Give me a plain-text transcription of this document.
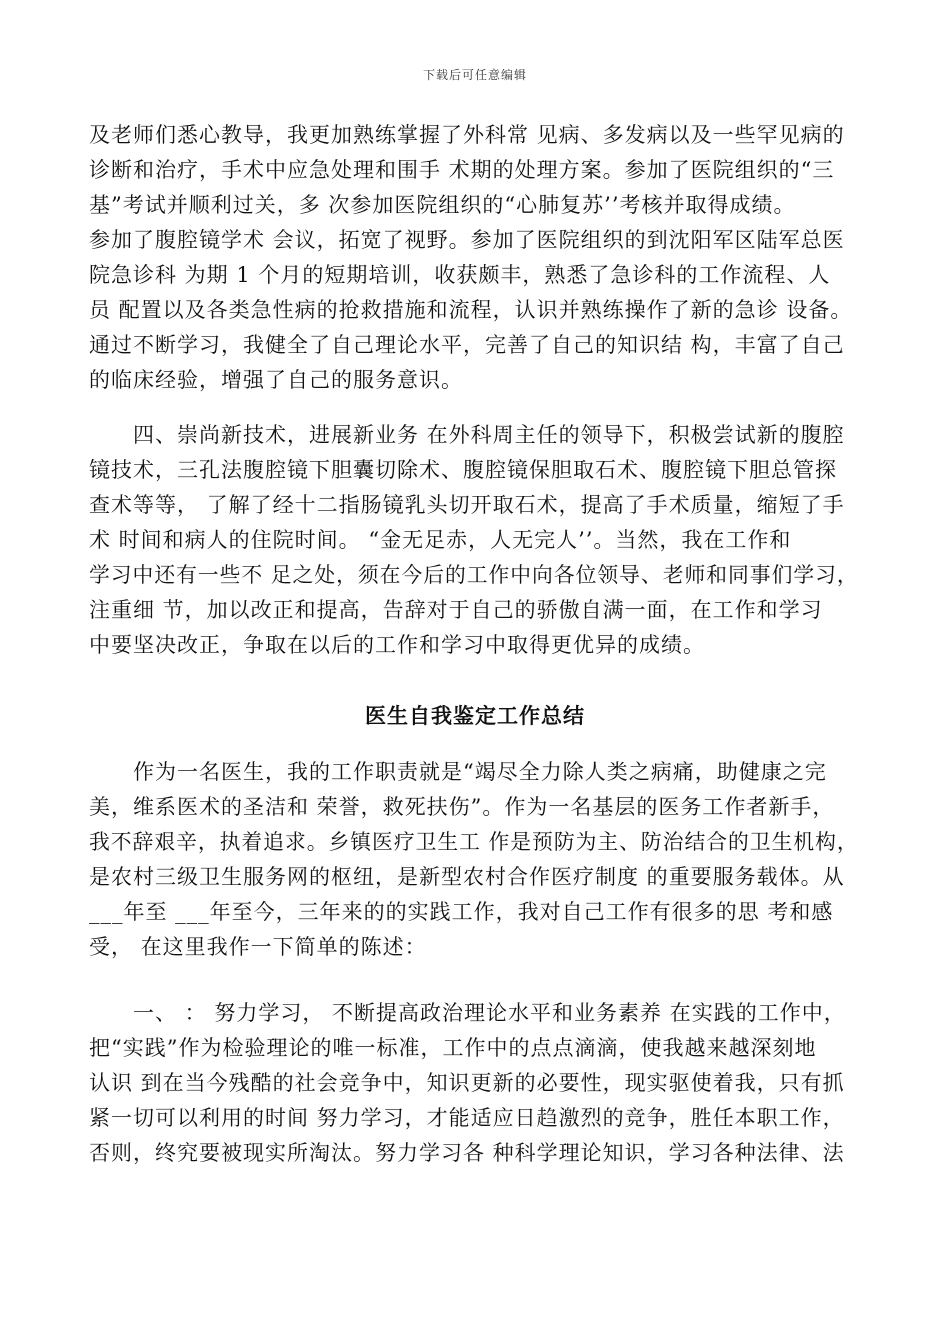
下载后可任意编辑
及老师们悉心教导，我更加熟练掌握了外科常 见病、多发病以及一些罕见病的
诊断和治疗，手术中应急处理和围手 术期的处理方案。参加了医院组织的“三
基”考试并顺利过关，多 次参加医院组织的“心肺复苏’’考核并取得成绩。
参加了腹腔镜学术 会议，拓宽了视野。参加了医院组织的到沈阳军区陆军总医
院急诊科 为期 1 个月的短期培训，收获颇丰，熟悉了急诊科的工作流程、人
员 配置以及各类急性病的抢救措施和流程，认识并熟练操作了新的急诊 设备。
通过不断学习，我健全了自己理论水平，完善了自己的知识结 构，丰富了自己
的临床经验，增强了自己的服务意识。
　　四、崇尚新技术，进展新业务 在外科周主任的领导下，积极尝试新的腹腔
镜技术，三孔法腹腔镜下胆囊切除术、腹腔镜保胆取石术、腹腔镜下胆总管探
查术等等， 了解了经十二指肠镜乳头切开取石术，提高了手术质量，缩短了手
术 时间和病人的住院时间。 “金无足赤，人无完人’’。当然，我在工作和
学习中还有一些不 足之处，须在今后的工作中向各位领导、老师和同事们学习，
注重细 节，加以改正和提高，告辞对于自己的骄傲自满一面，在工作和学习
中要坚决改正，争取在以后的工作和学习中取得更优异的成绩。
医生自我鉴定工作总结
　　作为一名医生，我的工作职责就是“竭尽全力除人类之病痛，助健康之完
美，维系医术的圣洁和 荣誉，救死扶伤”。作为一名基层的医务工作者新手，
我不辞艰辛，执着追求。乡镇医疗卫生工 作是预防为主、防治结合的卫生机构，
是农村三级卫生服务网的枢纽，是新型农村合作医疗制度 的重要服务载体。从
___年至 ___年至今，三年来的的实践工作，我对自己工作有很多的思 考和感
受， 在这里我作一下简单的陈述：
　　一、 ： 努力学习， 不断提高政治理论水平和业务素养 在实践的工作中，
把“实践”作为检验理论的唯一标准，工作中的点点滴滴，使我越来越深刻地
认识 到在当今残酷的社会竞争中，知识更新的必要性，现实驱使着我，只有抓
紧一切可以利用的时间 努力学习，才能适应日趋激烈的竞争，胜任本职工作，
否则，终究要被现实所淘汰。努力学习各 种科学理论知识，学习各种法律、法
